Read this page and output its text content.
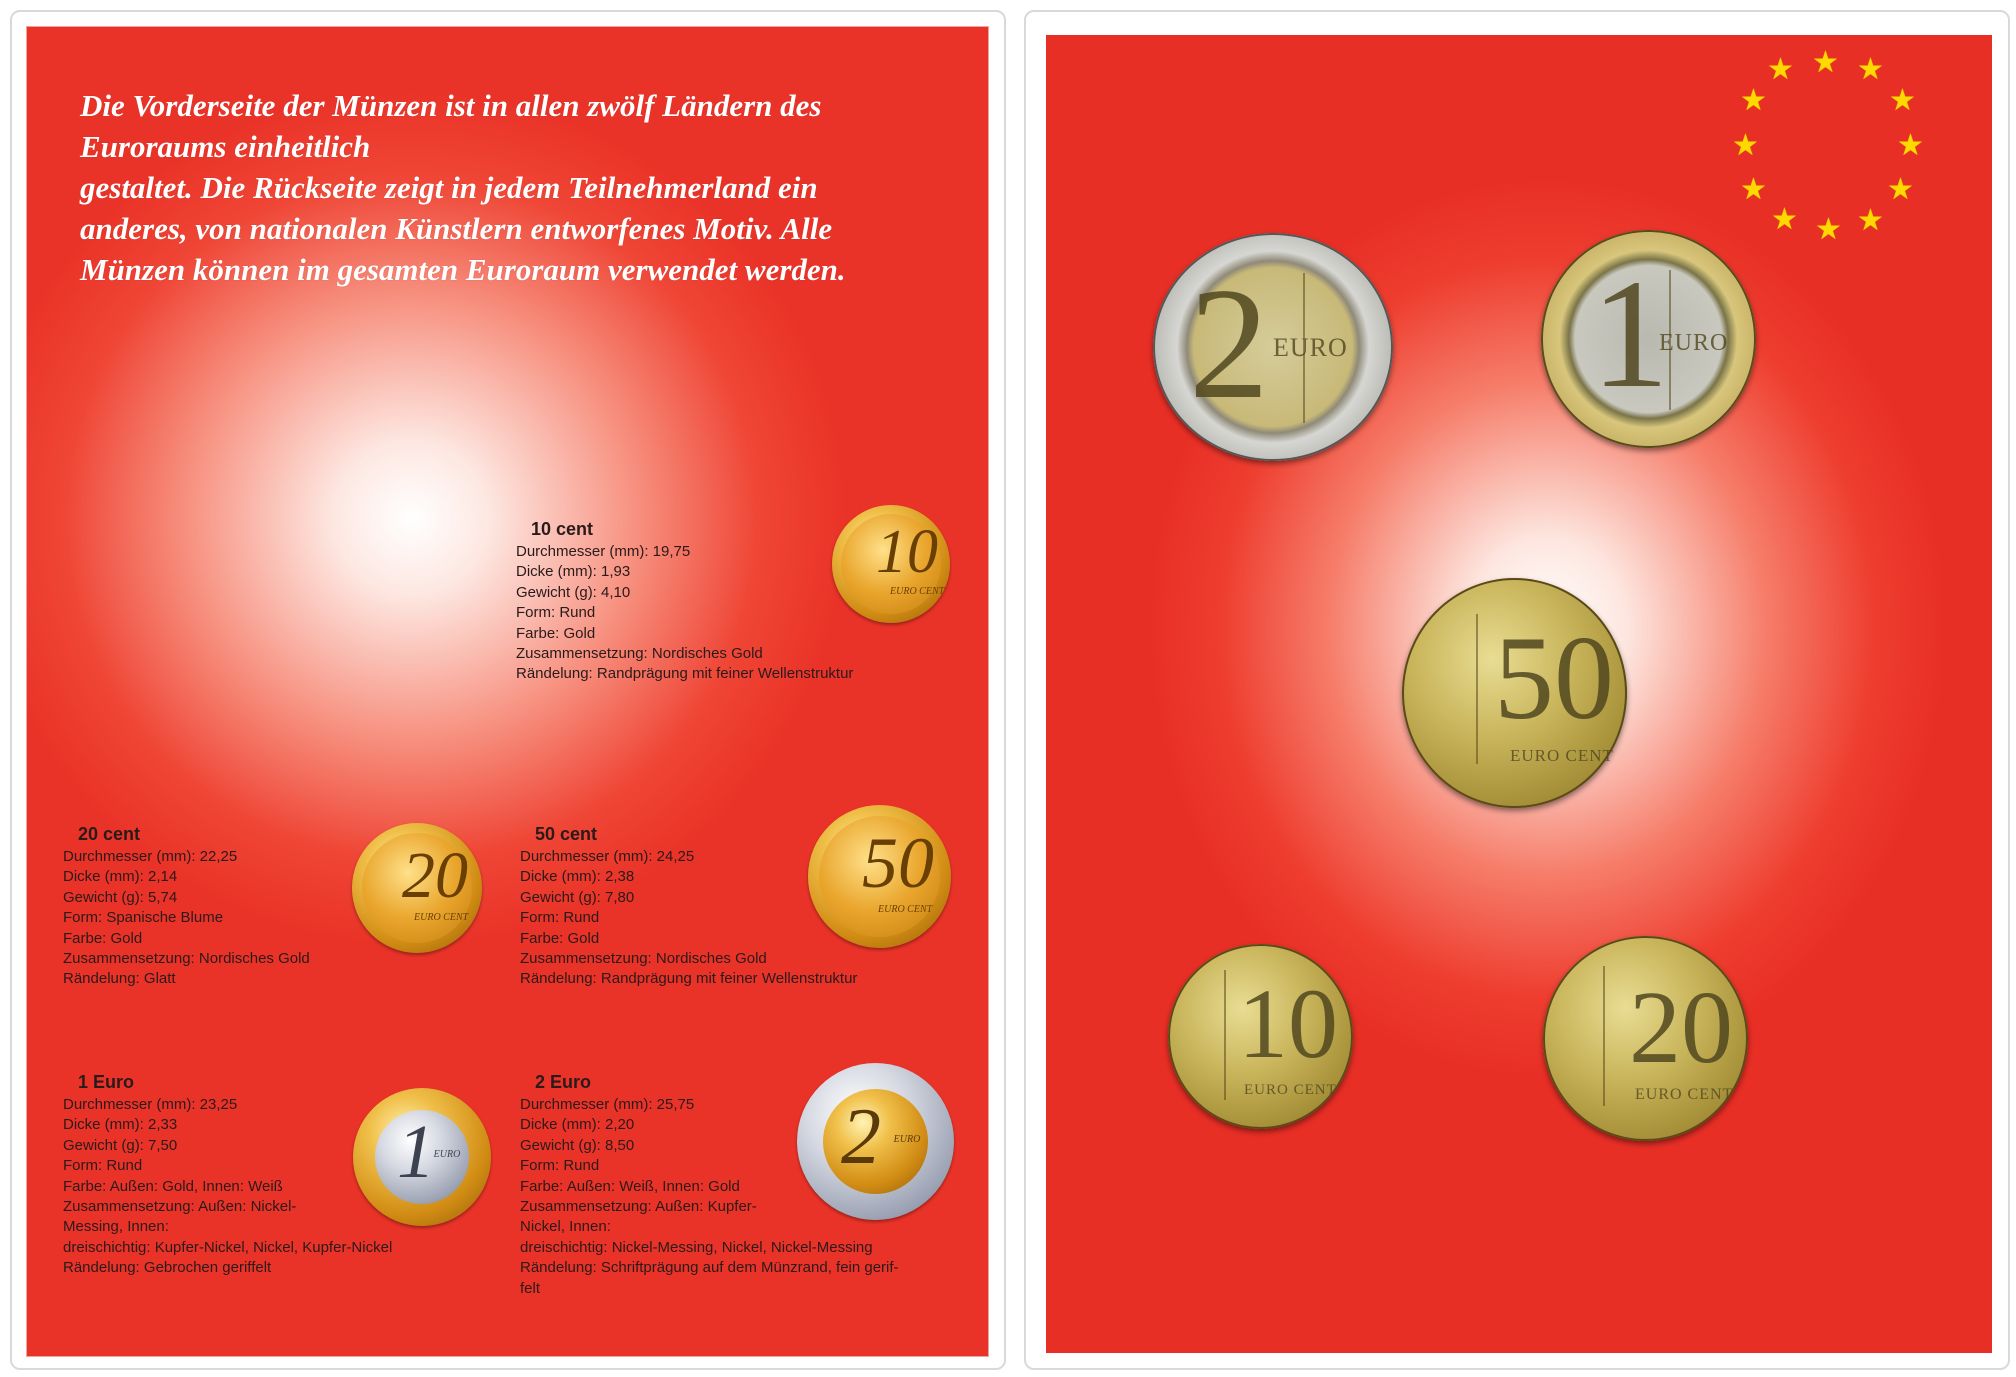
Die Vorderseite der Münzen ist in allen zwölf Ländern des
Euroraums einheitlich
gestaltet. Die Rückseite zeigt in jedem Teilnehmerland ein
anderes, von nationalen Künstlern entworfenes Motiv. Alle
Münzen können im gesamten Euroraum verwendet werden.

10 cent
Durchmesser (mm): 19,75
Dicke (mm): 1,93
Gewicht (g): 4,10
Form: Rund
Farbe: Gold
Zusammensetzung: Nordisches Gold
Rändelung: Randprägung mit feiner Wellenstruktur
10
EURO CENT
20 cent
Durchmesser (mm): 22,25
Dicke (mm): 2,14
Gewicht (g): 5,74
Form: Spanische Blume
Farbe: Gold
Zusammensetzung: Nordisches Gold
Rändelung: Glatt
20
EURO CENT
50 cent
Durchmesser (mm): 24,25
Dicke (mm): 2,38
Gewicht (g): 7,80
Form: Rund
Farbe: Gold
Zusammensetzung: Nordisches Gold
Rändelung: Randprägung mit feiner Wellenstruktur
50
EURO CENT
1 Euro
Durchmesser (mm): 23,25
Dicke (mm): 2,33
Gewicht (g): 7,50
Form: Rund
Farbe: Außen: Gold, Innen: Weiß
Zusammensetzung: Außen: Nickel-
Messing, Innen:
dreischichtig: Kupfer-Nickel, Nickel, Kupfer-Nickel
Rändelung: Gebrochen geriffelt
1
EURO
2 Euro
Durchmesser (mm): 25,75
Dicke (mm): 2,20
Gewicht (g): 8,50
Form: Rund
Farbe: Außen: Weiß, Innen: Gold
Zusammensetzung: Außen: Kupfer-
Nickel, Innen:
dreischichtig: Nickel-Messing, Nickel, Nickel-Messing
Rändelung: Schriftprägung auf dem Münzrand, fein gerif-
felt
2	EURO
★ ★ ★
★
★
★
★
★
★
★
★
★
2 EURO 1
EURO
50
EURO CENT
10
EURO CENT
20
EURO CENT
